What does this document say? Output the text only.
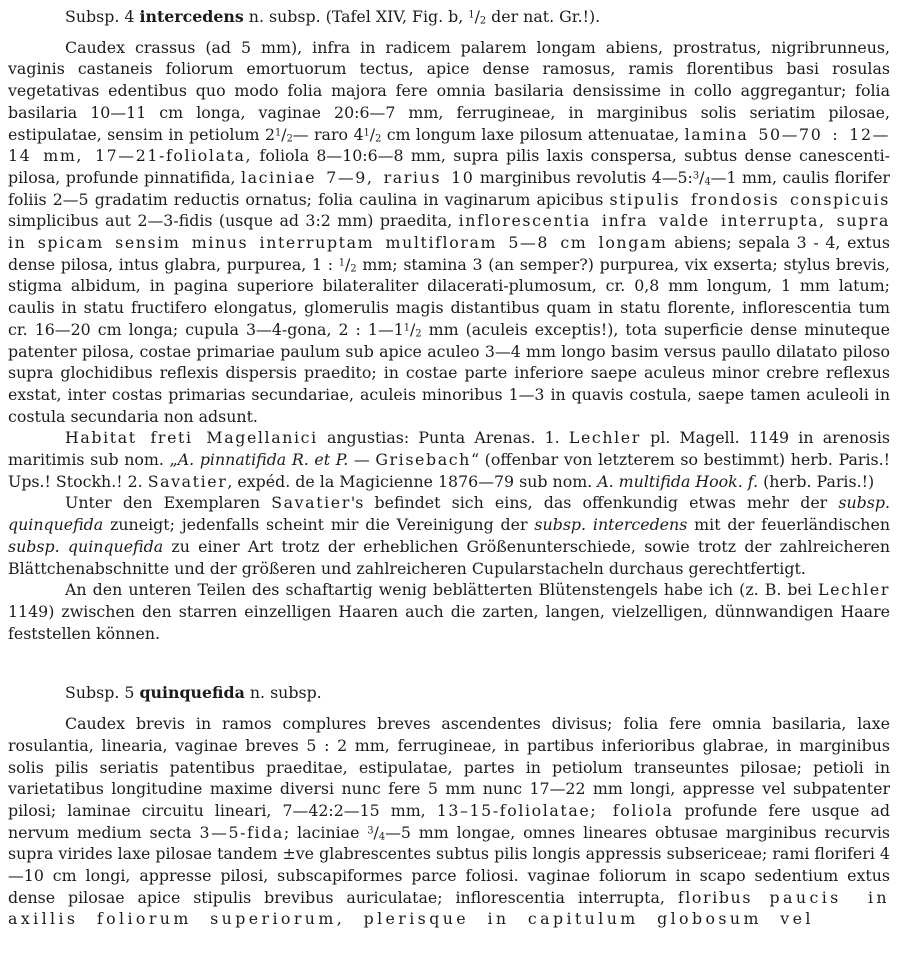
Subsp. 4 intercedens n. subsp. (Tafel XIV, Fig. b, $^1/_2$ der nat. Gr.!).

Caudex crassus (ad 5 mm), infra in radicem palarem longam abiens, prostratus, nigribrunneus, vaginis castaneis foliorum emortuorum tectus, apice dense ramosus, ramis florentibus basi rosulas vegetativas edentibus quo modo folia majora fere omnia basilaria densissime in collo aggregantur; folia basilaria 10—11 cm longa, vaginae 20:6—7 mm, ferrugineae, in marginibus solis seriatim pilosae, estipulatae, sensim in petiolum $2^1/_2—$ raro $4^1/_2$ cm longum laxe pilosum attenuatae, lamina 50—70 : 12—14 mm, 17—21-foliolata, foliola 8—10:6—8 mm, supra pilis laxis conspersa, subtus dense canescenti-pilosa, profunde pinnatifida, laciniae 7—9, rarius 10 marginibus revolutis $4—5:^3/_4—1$ mm, caulis florifer foliis 2—5 gradatim reductis ornatus; folia caulina in vaginarum apicibus stipulis frondosis conspicuis simplicibus aut 2—3-fidis (usque ad 3:2 mm) praedita, inflorescentia infra valde interrupta, supra in spicam sensim minus interruptam multifloram 5—8 cm longam abiens; sepala 3 - 4, extus dense pilosa, intus glabra, purpurea, 1 : $^1/_2$ mm; stamina 3 (an semper?) purpurea, vix exserta; stylus brevis, stigma albidum, in pagina superiore bilateraliter dilacerati-plumosum, cr. 0,8 mm longum, 1 mm latum; caulis in statu fructifero elongatus, glomerulis magis distantibus quam in statu florente, inflorescentia tum cr. 16—20 cm longa; cupula 3—4-gona, 2 : $1—1^1/_2$ mm (aculeis exceptis!), tota superficie dense minuteque patenter pilosa, costae primariae paulum sub apice aculeo 3—4 mm longo basim versus paullo dilatato piloso supra glochidibus reflexis dispersis praedito; in costae parte inferiore saepe aculeus minor crebre reflexus exstat, inter costas primarias secundariae, aculeis minoribus 1—3 in quavis costula, saepe tamen aculeoli in costula secundaria non adsunt.

Habitat freti Magellanici angustias: Punta Arenas. 1. Lechler pl. Magell. 1149 in arenosis maritimis sub nom. „A. pinnatifida R. et P. — Grisebach“ (offenbar von letzterem so bestimmt) herb. Paris.! Ups.! Stockh.! 2. Savatier, expéd. de la Magicienne 1876—79 sub nom. A. multifida Hook. f. (herb. Paris.!)

Unter den Exemplaren Savatier's befindet sich eins, das offenkundig etwas mehr der subsp. quinquefida zuneigt; jedenfalls scheint mir die Vereinigung der subsp. intercedens mit der feuerländischen subsp. quinquefida zu einer Art trotz der erheblichen Größenunterschiede, sowie trotz der zahlreicheren Blättchenabschnitte und der größeren und zahlreicheren Cupularstacheln durchaus gerechtfertigt.

An den unteren Teilen des schaftartig wenig beblätterten Blütenstengels habe ich (z. B. bei Lechler 1149) zwischen den starren einzelligen Haaren auch die zarten, langen, vielzelligen, dünnwandigen Haare feststellen können.

Subsp. 5 quinquefida n. subsp.

Caudex brevis in ramos complures breves ascendentes divisus; folia fere omnia basilaria, laxe rosulantia, linearia, vaginae breves 5 : 2 mm, ferrugineae, in partibus inferioribus glabrae, in marginibus solis pilis seriatis patentibus praeditae, estipulatae, partes in petiolum transeuntes pilosae; petioli in varietatibus longitudine maxime diversi nunc fere 5 mm nunc 17—22 mm longi, appresse vel subpatenter pilosi; laminae circuitu lineari, 7—42:2—15 mm, 13–15-foliolatae; foliola profunde fere usque ad nervum medium secta 3—5-fida; laciniae $^3/_4—5$ mm longae, omnes lineares obtusae marginibus recurvis supra virides laxe pilosae tandem ±ve glabrescentes subtus pilis longis appressis subsericeae; rami floriferi 4—10 cm longi, appresse pilosi, subscapiformes parce foliosi. vaginae foliorum in scapo sedentium extus dense pilosae apice stipulis brevibus auriculatae; inflorescentia interrupta, floribus paucis in axillis foliorum superiorum, plerisque in capitulum globosum vel
